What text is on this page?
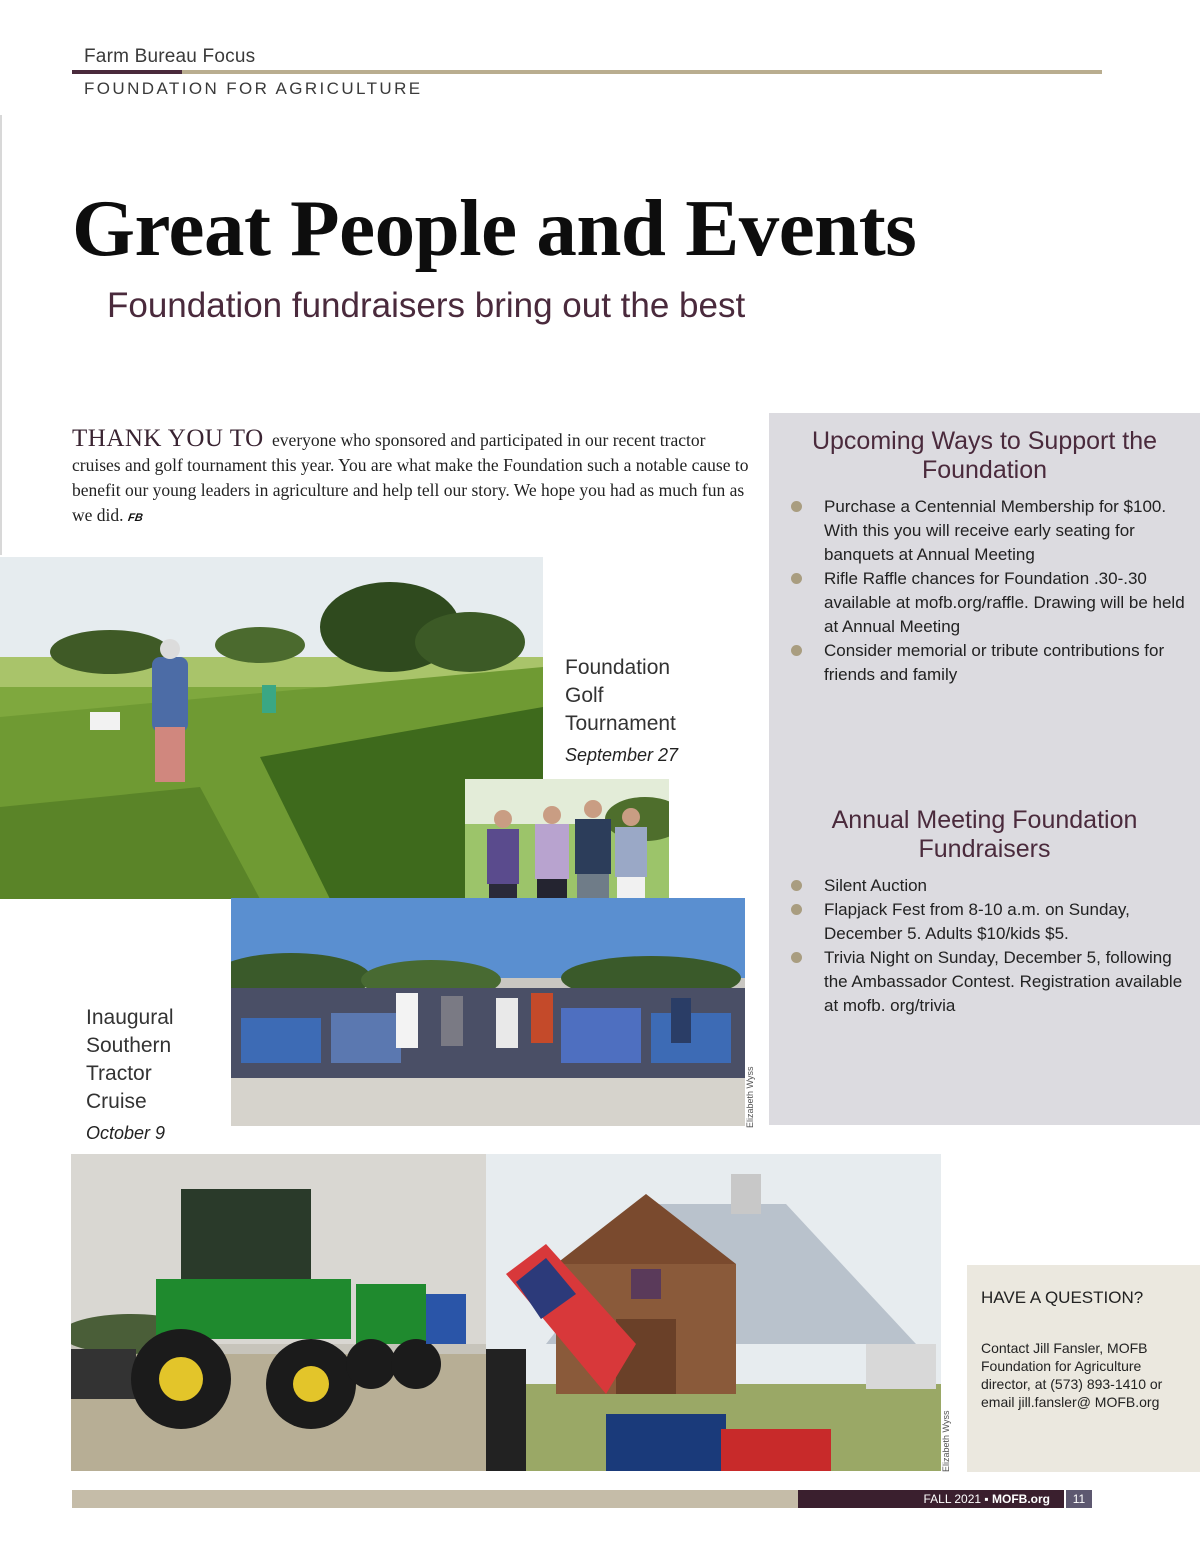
Farm Bureau Focus
FOUNDATION FOR AGRICULTURE
Great People and Events
Foundation fundraisers bring out the best

THANK YOU TO everyone who sponsored and participated in our recent tractor cruises and golf tournament this year. You are what make the Foundation such a notable cause to benefit our young leaders in agriculture and help tell our story. We hope you had as much fun as we did. FB

Upcoming Ways to Support the Foundation
Purchase a Centennial Membership for $100. With this you will receive early seating for banquets at Annual Meeting
Rifle Raffle chances for Foundation .30-.30 available at mofb.org/raffle. Drawing will be held at Annual Meeting
Consider memorial or tribute contributions for friends and family
Annual Meeting Foundation Fundraisers
Silent Auction
Flapjack Fest from 8-10 a.m. on Sunday, December 5. Adults $10/kids $5.
Trivia Night on Sunday, December 5, following the Ambassador Contest. Registration available at mofb. org/trivia
Foundation Golf Tournament
September 27
Elizabeth Wyss
Inaugural Southern Tractor Cruise
October 9
Elizabeth Wyss
HAVE A QUESTION?
Contact Jill Fansler, MOFB Foundation for Agriculture director, at (573) 893-1410 or email jill.fansler@ MOFB.org
FALL 2021 ▪ MOFB.org	11
